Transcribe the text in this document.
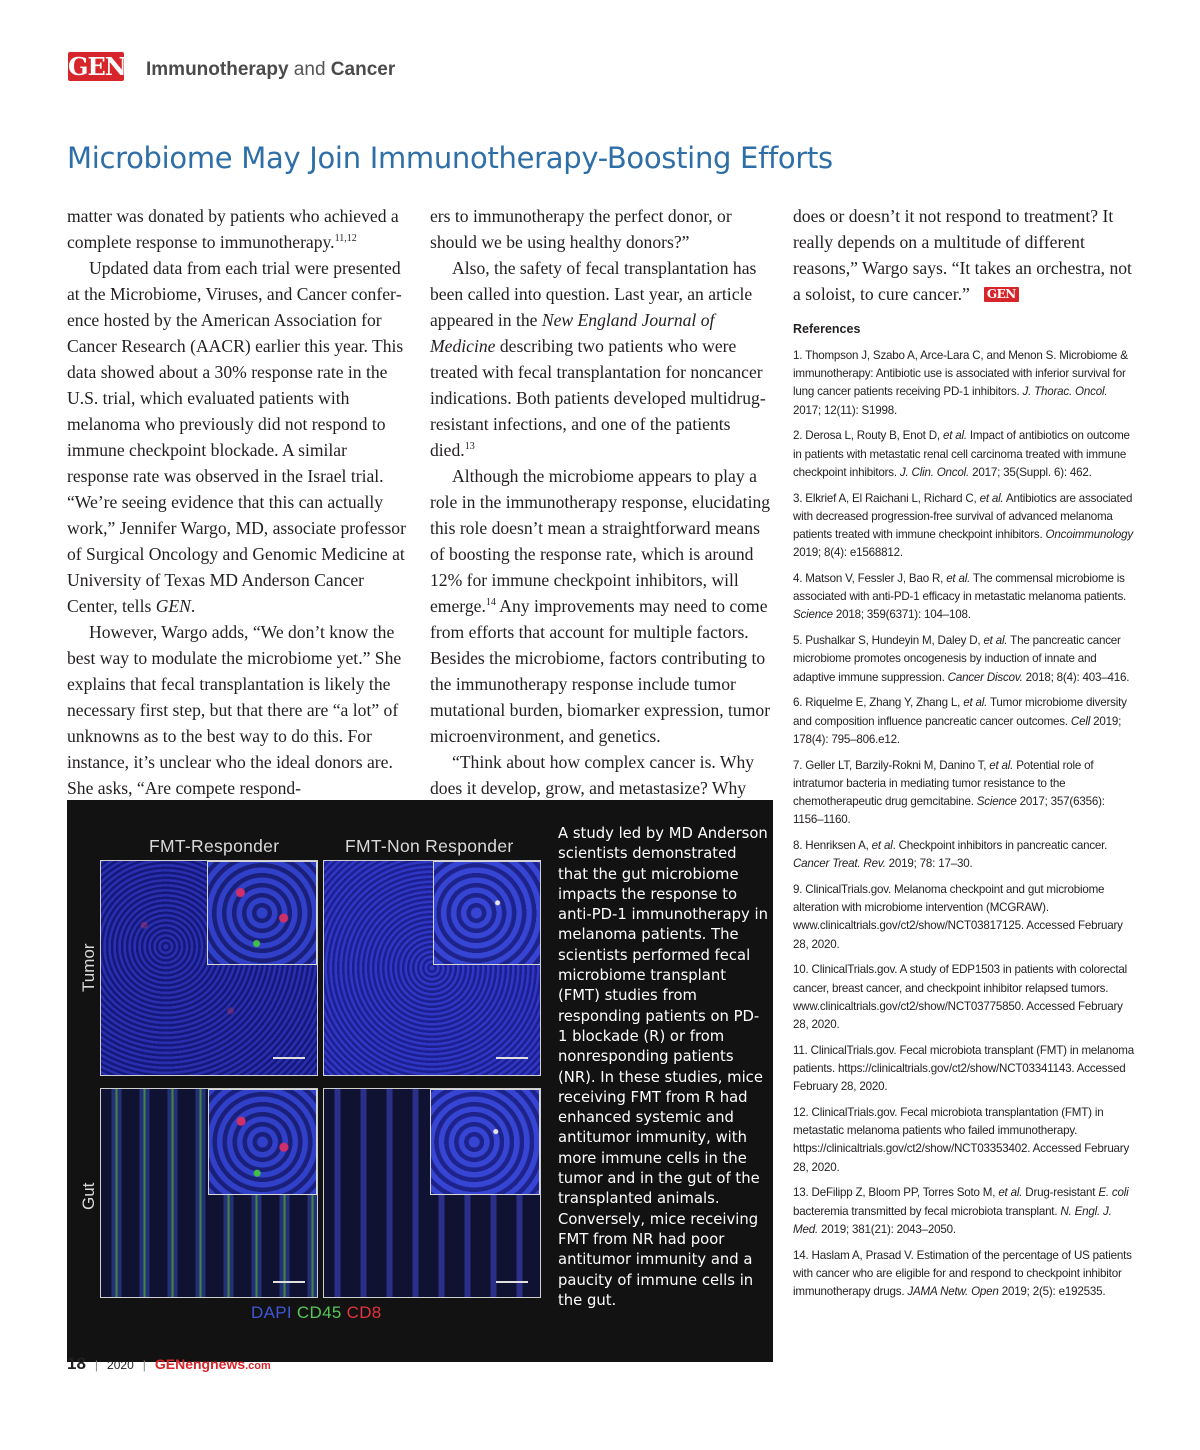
GEN Immunotherapy and Cancer
Microbiome May Join Immunotherapy-Boosting Efforts

matter was donated by patients who achieved a complete response to immunotherapy.$^{11,12}$

Updated data from each trial were presented at the Microbiome, Viruses, and Cancer conference hosted by the American Association for Cancer Research (AACR) earlier this year. This data showed about a 30% response rate in the U.S. trial, which evaluated patients with melanoma who previously did not respond to immune checkpoint blockade. A similar response rate was observed in the Israel trial. “We’re seeing evidence that this can actually work,” Jennifer Wargo, MD, associate professor of Surgical Oncology and Genomic Medicine at University of Texas MD Anderson Cancer Center, tells GEN.

However, Wargo adds, “We don’t know the best way to modulate the microbiome yet.” She explains that fecal transplantation is likely the necessary first step, but that there are “a lot” of unknowns as to the best way to do this. For instance, it’s unclear who the ideal donors are. She asks, “Are compete respond-

ers to immunotherapy the perfect donor, or should we be using healthy donors?”

Also, the safety of fecal transplantation has been called into question. Last year, an article appeared in the New England Journal of Medicine describing two patients who were treated with fecal transplantation for noncancer indications. Both patients developed multidrug-resistant infections, and one of the patients died.$^{13}$

Although the microbiome appears to play a role in the immunotherapy response, elucidating this role doesn’t mean a straightforward means of boosting the response rate, which is around 12% for immune checkpoint inhibitors, will emerge.$^{14}$ Any improvements may need to come from efforts that account for multiple factors. Besides the microbiome, factors contributing to the immunotherapy response include tumor mutational burden, biomarker expression, tumor microenvironment, and genetics.

“Think about how complex cancer is. Why does it develop, grow, and metastasize? Why

does or doesn’t it not respond to treatment? It really depends on a multitude of different reasons,” Wargo says. “It takes an orchestra, not a soloist, to cure cancer.” GEN

References
1. Thompson J, Szabo A, Arce-Lara C, and Menon S. Microbiome & immunotherapy: Antibiotic use is associated with inferior survival for lung cancer patients receiving PD-1 inhibitors. J. Thorac. Oncol. 2017; 12(11): S1998.
2. Derosa L, Routy B, Enot D, et al. Impact of antibiotics on outcome in patients with metastatic renal cell carcinoma treated with immune checkpoint inhibitors. J. Clin. Oncol. 2017; 35(Suppl. 6): 462.
3. Elkrief A, El Raichani L, Richard C, et al. Antibiotics are associated with decreased progression-free survival of advanced melanoma patients treated with immune checkpoint inhibitors. Oncoimmunology 2019; 8(4): e1568812.
4. Matson V, Fessler J, Bao R, et al. The commensal microbiome is associated with anti-PD-1 efficacy in metastatic melanoma patients. Science 2018; 359(6371): 104–108.
5. Pushalkar S, Hundeyin M, Daley D, et al. The pancreatic cancer microbiome promotes oncogenesis by induction of innate and adaptive immune suppression. Cancer Discov. 2018; 8(4): 403–416.
6. Riquelme E, Zhang Y, Zhang L, et al. Tumor microbiome diversity and composition influence pancreatic cancer outcomes. Cell 2019; 178(4): 795–806.e12.
7. Geller LT, Barzily-Rokni M, Danino T, et al. Potential role of intratumor bacteria in mediating tumor resistance to the chemotherapeutic drug gemcitabine. Science 2017; 357(6356): 1156–1160.
8. Henriksen A, et al. Checkpoint inhibitors in pancreatic cancer. Cancer Treat. Rev. 2019; 78: 17–30.
9. ClinicalTrials.gov. Melanoma checkpoint and gut microbiome alteration with microbiome intervention (MCGRAW). www.clinicaltrials.gov/ct2/show/NCT03817125. Accessed February 28, 2020.
10. ClinicalTrials.gov. A study of EDP1503 in patients with colorectal cancer, breast cancer, and checkpoint inhibitor relapsed tumors. www.clinicaltrials.gov/ct2/show/NCT03775850. Accessed February 28, 2020.
11. ClinicalTrials.gov. Fecal microbiota transplant (FMT) in melanoma patients. https://clinicaltrials.gov/ct2/show/NCT03341143. Accessed February 28, 2020.
12. ClinicalTrials.gov. Fecal microbiota transplantation (FMT) in metastatic melanoma patients who failed immunotherapy. https://clinicaltrials.gov/ct2/show/NCT03353402. Accessed February 28, 2020.
13. DeFilipp Z, Bloom PP, Torres Soto M, et al. Drug-resistant E. coli bacteremia transmitted by fecal microbiota transplant. N. Engl. J. Med. 2019; 381(21): 2043–2050.
14. Haslam A, Prasad V. Estimation of the percentage of US patients with cancer who are eligible for and respond to checkpoint inhibitor immunotherapy drugs. JAMA Netw. Open 2019; 2(5): e192535.
FMT-Responder	FMT-Non Responder
Tumor
Gut
DAPI CD45 CD8

A study led by MD Anderson scientists demonstrated that the gut microbiome impacts the response to anti-PD-1 immunotherapy in melanoma patients. The scientists performed fecal microbiome transplant (FMT) studies from responding patients on PD-1 blockade (R) or from nonresponding patients (NR). In these studies, mice receiving FMT from R had enhanced systemic and antitumor immunity, with more immune cells in the tumor and in the gut of the transplanted animals. Conversely, mice receiving FMT from NR had poor antitumor immunity and a paucity of immune cells in the gut.

18 | 2020 | GENengnews.com
